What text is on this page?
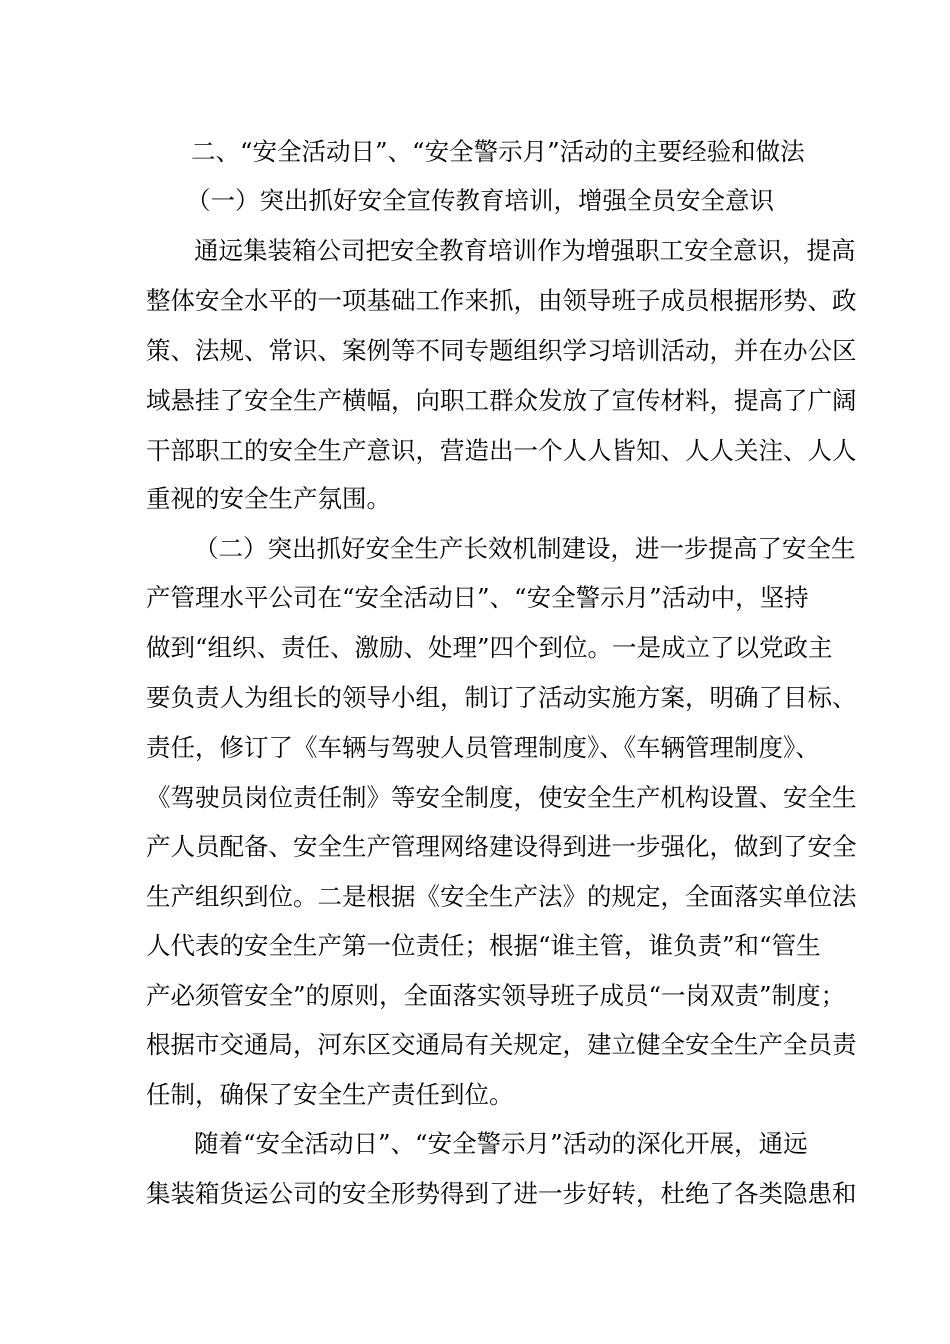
二、“安全活动日”、“安全警示月”活动的主要经验和做法
（一）突出抓好安全宣传教育培训，增强全员安全意识
通远集装箱公司把安全教育培训作为增强职工安全意识，提高
整体安全水平的一项基础工作来抓，由领导班子成员根据形势、政
策、法规、常识、案例等不同专题组织学习培训活动，并在办公区
域悬挂了安全生产横幅，向职工群众发放了宣传材料，提高了广阔
干部职工的安全生产意识，营造出一个人人皆知、人人关注、人人
重视的安全生产氛围。
（二）突出抓好安全生产长效机制建设，进一步提高了安全生
产管理水平公司在“安全活动日”、“安全警示月”活动中，坚持
做到“组织、责任、激励、处理”四个到位。一是成立了以党政主
要负责人为组长的领导小组，制订了活动实施方案，明确了目标、
责任，修订了《车辆与驾驶人员管理制度》、《车辆管理制度》、
《驾驶员岗位责任制》等安全制度，使安全生产机构设置、安全生
产人员配备、安全生产管理网络建设得到进一步强化，做到了安全
生产组织到位。二是根据《安全生产法》的规定，全面落实单位法
人代表的安全生产第一位责任；根据“谁主管，谁负责”和“管生
产必须管安全”的原则，全面落实领导班子成员“一岗双责”制度；
根据市交通局，河东区交通局有关规定，建立健全安全生产全员责
任制，确保了安全生产责任到位。
随着“安全活动日”、“安全警示月”活动的深化开展，通远
集装箱货运公司的安全形势得到了进一步好转，杜绝了各类隐患和
